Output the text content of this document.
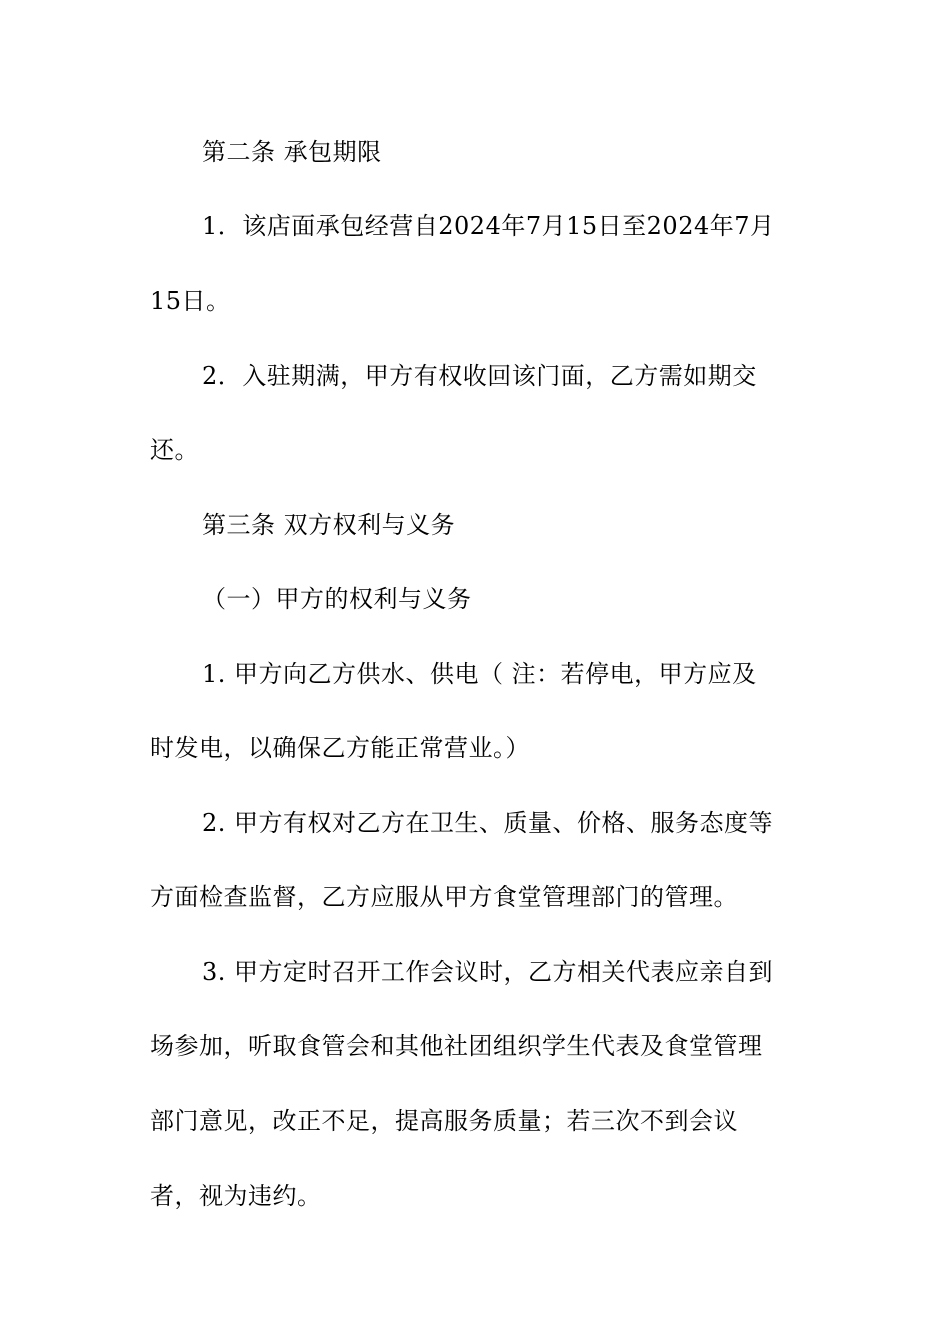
第二条 承包期限
1．该店面承包经营自2024年7月15日至2024年7月
15日。
2．入驻期满，甲方有权收回该门面，乙方需如期交
还。
第三条 双方权利与义务
（一）甲方的权利与义务
1. 甲方向乙方供水、供电（ 注：若停电，甲方应及
时发电，以确保乙方能正常营业。）
2. 甲方有权对乙方在卫生、质量、价格、服务态度等
方面检查监督，乙方应服从甲方食堂管理部门的管理。
3. 甲方定时召开工作会议时，乙方相关代表应亲自到
场参加，听取食管会和其他社团组织学生代表及食堂管理
部门意见，改正不足，提高服务质量；若三次不到会议
者，视为违约。
